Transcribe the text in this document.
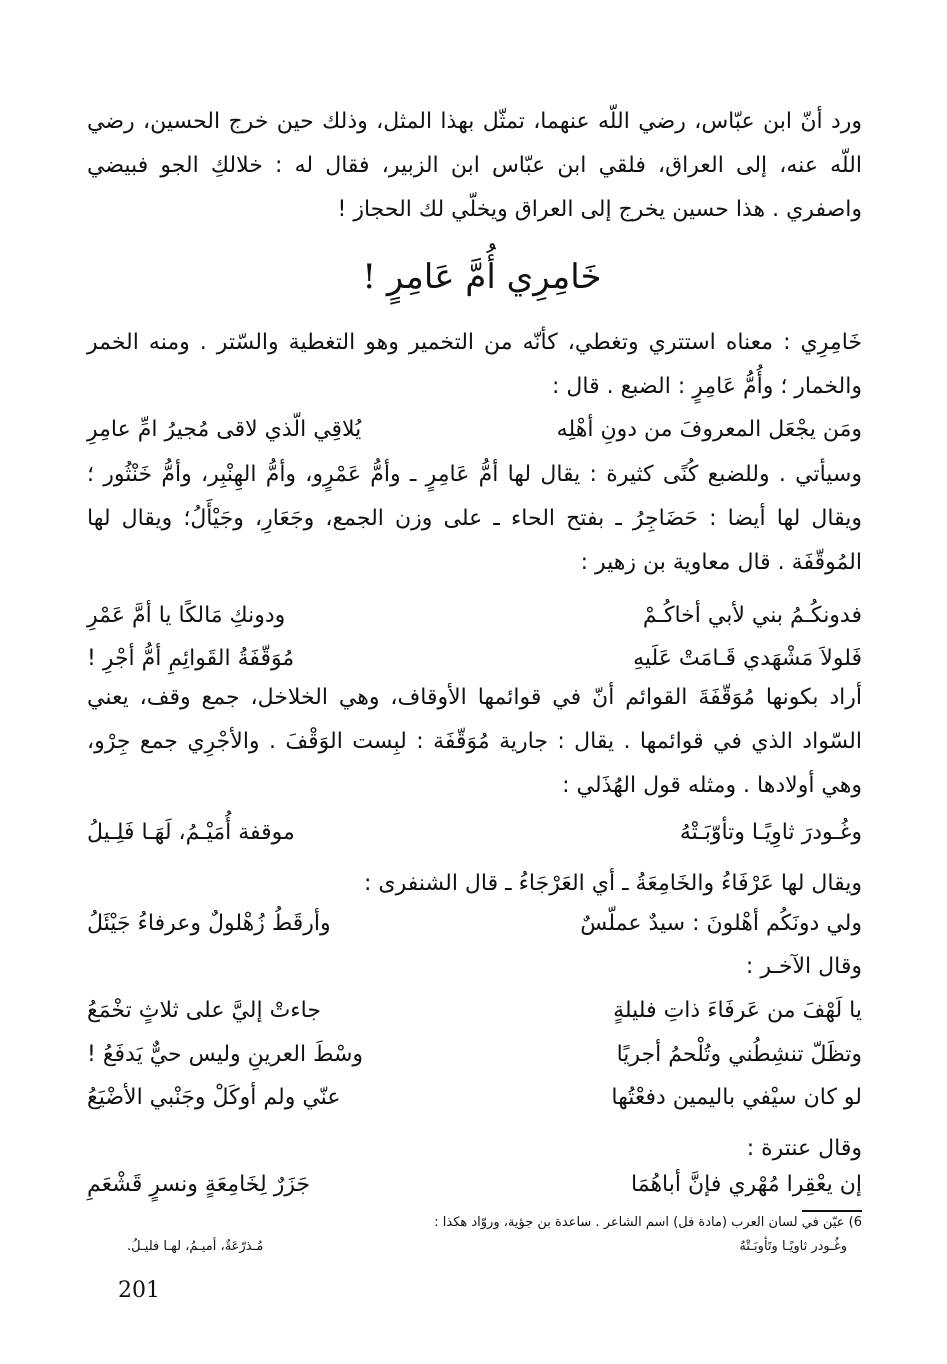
ورد أنّ ابن عبّاس، رضي اللّه عنهما، تمثّل بهذا المثل، وذلك حين خرج الحسين، رضي اللّه عنه، إلى العراق، فلقي ابن عبّاس ابن الزبير، فقال له : خلالكِ الجو فبيضي واصفري . هذا حسين يخرج إلى العراق ويخلّي لك الحجاز !

خَامِرِي أُمَّ عَامِرٍ !

خَامِرِي : معناه استتري وتغطي، كأنّه من التخمير وهو التغطية والسّتر . ومنه الخمر والخمار ؛ وأُمُّ عَامِرٍ : الضبع . قال :

ومَن يجْعَل المعروفَ من دونِ أهْلِه
يُلاقِي الّذي لاقى مُجيرُ امِّ عامِرِ

وسيأتي . وللضبع كُنًى كثيرة : يقال لها أمُّ عَامِرٍ ـ وأمُّ عَمْرٍو، وأمُّ الهِنْبِر، وأمُّ خَنْثُور ؛ ويقال لها أيضا : حَضَاجِرُ ـ بفتح الحاء ـ على وزن الجمع، وجَعَارِ، وجَيْأَلُ؛ ويقال لها المُوقّفَة . قال معاوية بن زهير :

فدونكُـمُ بني لأبي أخاكُـمْ
ودونكِ مَالكًا يا أمَّ عَمْرِ
فَلولاَ مَشْهَدي قَـامَتْ عَلَيهِ
مُوَقّفَةُ القَوائِمِ أمُّ أجْرِ !

أراد بكونها مُوَقّفَةَ القوائم أنّ في قوائمها الأوقاف، وهي الخلاخل، جمع وقف، يعني السّواد الذي في قوائمها . يقال : جارية مُوَقّفَة : لبِست الوَقْفَ . والأجْرِي جمع جِرْو، وهي أولادها . ومثله قول الهُذَلي :

وغُـودرَ ثاوِيًـا وتأوّبَـتْهُ
موقفة أُمَيْـمُ، لَهَـا فَلِـيلُ

ويقال لها عَرْفَاءُ والخَامِعَةُ ـ أي العَرْجَاءُ ـ قال الشنفرى :

ولي دونَكُم أهْلونَ : سيدٌ عملّسٌ
وأرقَطُ زُهْلولٌ وعرفاءُ جَيْئَلُ

وقال الآخـر :

يا لَهْفَ من عَرفَاءَ ذاتِ فليلةٍ
جاءتْ إليَّ على ثلاثٍ تخْمَعُ
وتظَلّ تنشِطُني وتُلْحمُ أجريًا
وسْطَ العرينِ وليس حيٌّ يَدفَعُ !
لو كان سيْفي باليمين دفعْتُها
عنّي ولم أوكَلْ وجَنْبي الأضْيَعُ

وقال عنترة :

إن يعْقِرا مُهْري فإنَّ أباهُمَا
جَزَرٌ لِخَامِعَةٍ ونسرٍ قَشْعَمِ
6) عيّن في لسان العرب (مادة فل) اسم الشاعر . ساعدة بن جؤية، وروّاد هكذا :
وغُـودر ثاويًـا وتَأوبَـتْهُ
مُـذرّعَةٌ، أميـمُ، لهـا فليـلُ.
201
